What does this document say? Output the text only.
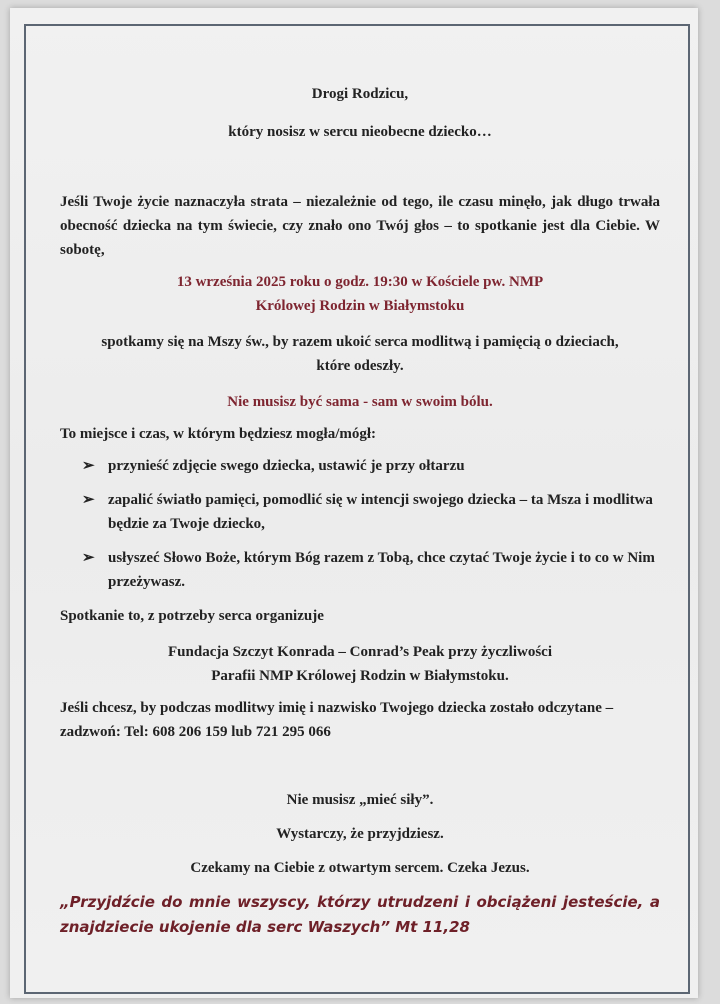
Drogi Rodzicu,

który nosisz w sercu nieobecne dziecko…

Jeśli Twoje życie naznaczyła strata – niezależnie od tego, ile czasu minęło, jak długo trwała obecność dziecka na tym świecie, czy znało ono Twój głos – to spotkanie jest dla Ciebie. W sobotę,

13 września 2025 roku o godz. 19:30 w Kościele pw. NMP

Królowej Rodzin w Białymstoku

spotkamy się na Mszy św., by razem ukoić serca modlitwą i pamięcią o dzieciach, które odeszły.

Nie musisz być sama - sam w swoim bólu.

To miejsce i czas, w którym będziesz mogła/mógł:

➢ przynieść zdjęcie swego dziecka, ustawić je przy ołtarzu
➢ zapalić światło pamięci, pomodlić się w intencji swojego dziecka – ta Msza i modlitwa będzie za Twoje dziecko,
➢ usłyszeć Słowo Boże, którym Bóg razem z Tobą, chce czytać Twoje życie i to co w Nim przeżywasz.

Spotkanie to, z potrzeby serca organizuje

Fundacja Szczyt Konrada – Conrad’s Peak przy życzliwości

Parafii NMP Królowej Rodzin w Białymstoku.

Jeśli chcesz, by podczas modlitwy imię i nazwisko Twojego dziecka zostało odczytane – zadzwoń: Tel: 608 206 159 lub 721 295 066

Nie musisz „mieć siły”.

Wystarczy, że przyjdziesz.

Czekamy na Ciebie z otwartym sercem. Czeka Jezus.

„Przyjdźcie do mnie wszyscy, którzy utrudzeni i obciążeni jesteście, a znajdziecie ukojenie dla serc Waszych” Mt 11,28
